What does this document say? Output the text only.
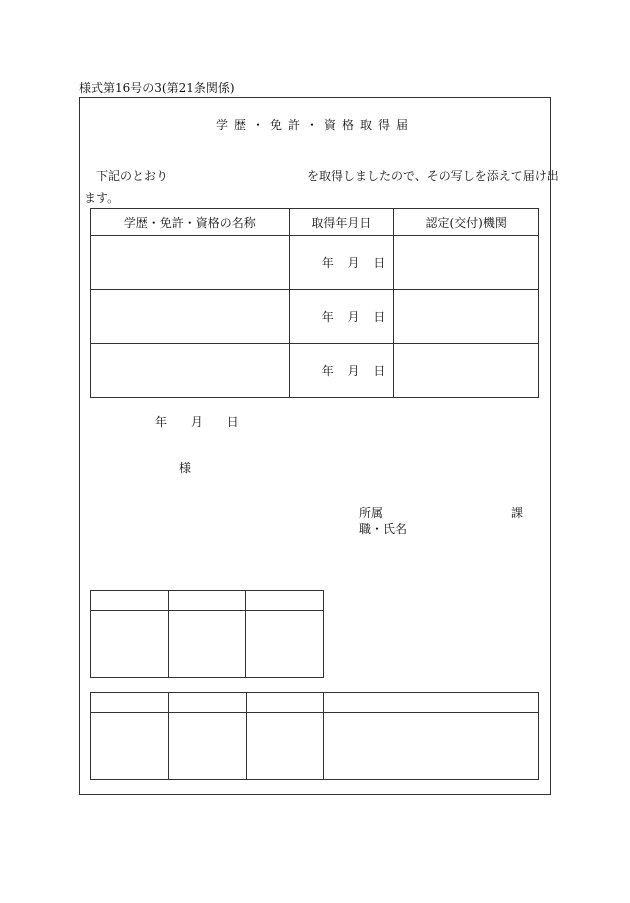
様式第16号の3(第21条関係)
学歴・免許・資格取得届
下記のとおり	を取得しましたので、その写しを添えて届け出
ます。
学歴・免許・資格の名称	取得年月日	認定(交付)機関
	年 月 日	
	年 月 日	
	年 月 日	
年 月 日
様
所属	課
職・氏名
